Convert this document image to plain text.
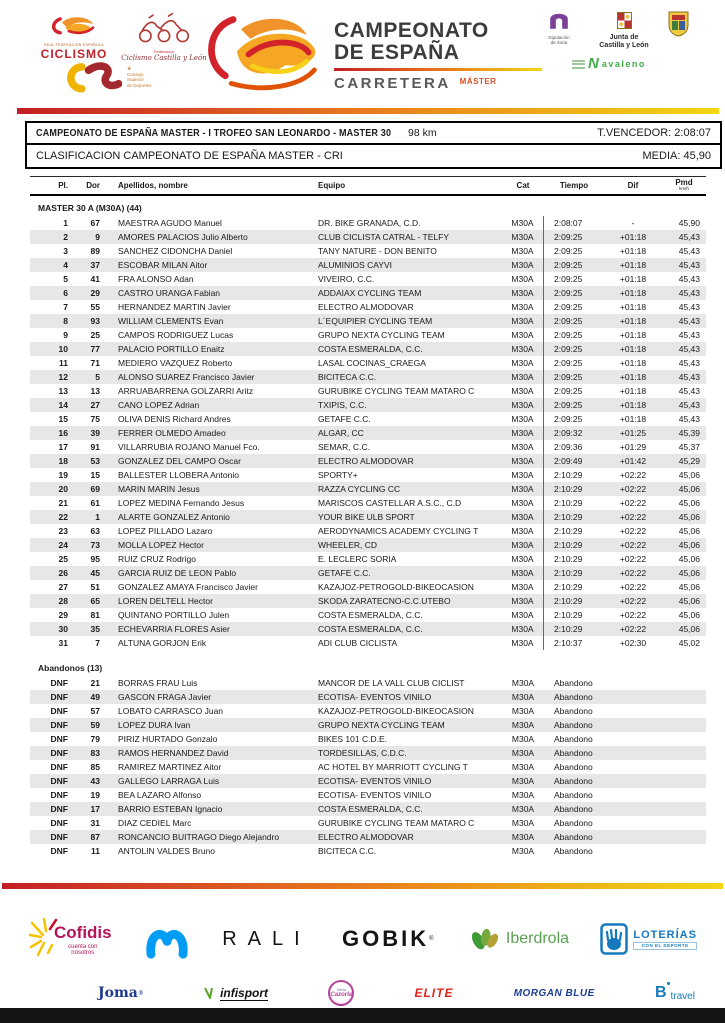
REAL FEDERACIÓN ESPAÑOLA
CICLISMO	Federación
Ciclismo Castilla y León
♛
Consejo
Superior
de Deportes
CAMPEONATO
DE ESPAÑA
CARRETERA MÁSTER
Diputación
de Soria
Junta de
Castilla y León
N avaleno
CAMPEONATO DE ESPAÑA MASTER - I TROFEO SAN LEONARDO - MASTER 30 98 km	T.VENCEDOR: 2:08:07
CLASIFICACION CAMPEONATO DE ESPAÑA MASTER - CRI	MEDIA: 45,90
Pl.	Dor	Apellidos, nombre	Equipo	Cat	Tiempo	Dif	Pmd
km/h
MASTER 30 A (M30A) (44)
1	67	MAESTRA AGUDO Manuel	DR. BIKE GRANADA, C.D.	M30A	2:08:07	-	45,90
2	9	AMORES PALACIOS Julio Alberto	CLUB CICLISTA CATRAL - TELFY	M30A	2:09:25	+01:18	45,43
3	89	SANCHEZ CIDONCHA Daniel	TANY NATURE - DON BENITO	M30A	2:09:25	+01:18	45,43
4	37	ESCOBAR MILAN Aitor	ALUMINIOS CAYVI	M30A	2:09:25	+01:18	45,43
5	41	FRA ALONSO Adan	VIVEIRO, C.C.	M30A	2:09:25	+01:18	45,43
6	29	CASTRO URANGA Fabian	ADDAIAX CYCLING TEAM	M30A	2:09:25	+01:18	45,43
7	55	HERNANDEZ MARTIN Javier	ELECTRO ALMODOVAR	M30A	2:09:25	+01:18	45,43
8	93	WILLIAM CLEMENTS Evan	L´EQUIPIER CYCLING TEAM	M30A	2:09:25	+01:18	45,43
9	25	CAMPOS RODRIGUEZ Lucas	GRUPO NEXTA CYCLING TEAM	M30A	2:09:25	+01:18	45,43
10	77	PALACIO PORTILLO Enaitz	COSTA ESMERALDA, C.C.	M30A	2:09:25	+01:18	45,43
11	71	MEDIERO VAZQUEZ Roberto	LASAL COCINAS_CRAEGA	M30A	2:09:25	+01:18	45,43
12	5	ALONSO SUAREZ Francisco Javier	BICITECA C.C.	M30A	2:09:25	+01:18	45,43
13	13	ARRUABARRENA GOLZARRI Aritz	GURUBIKE CYCLING TEAM MATARO C	M30A	2:09:25	+01:18	45,43
14	27	CANO LOPEZ Adrian	TXIPIS, C.C.	M30A	2:09:25	+01:18	45,43
15	75	OLIVA DENIS Richard Andres	GETAFE C.C.	M30A	2:09:25	+01:18	45,43
16	39	FERRER OLMEDO Amadeo	ALGAR, CC	M30A	2:09:32	+01:25	45,39
17	91	VILLARRUBIA ROJANO Manuel Fco.	SEMAR, C.C.	M30A	2:09:36	+01:29	45,37
18	53	GONZALEZ DEL CAMPO Oscar	ELECTRO ALMODOVAR	M30A	2:09:49	+01:42	45,29
19	15	BALLESTER LLOBERA Antonio	SPORTY+	M30A	2:10:29	+02:22	45,06
20	69	MARIN MARIN Jesus	RAZZA CYCLING CC	M30A	2:10:29	+02:22	45,06
21	61	LOPEZ MEDINA Fernando Jesus	MARISCOS CASTELLAR A.S.C., C.D	M30A	2:10:29	+02:22	45,06
22	1	ALARTE GONZALEZ Antonio	YOUR BIKE ULB SPORT	M30A	2:10:29	+02:22	45,06
23	63	LOPEZ PILLADO Lazaro	AERODYNAMICS ACADEMY CYCLING T	M30A	2:10:29	+02:22	45,06
24	73	MOLLA LOPEZ Hector	WHEELER, CD	M30A	2:10:29	+02:22	45,06
25	95	RUIZ CRUZ Rodrigo	E. LECLERC SORIA	M30A	2:10:29	+02:22	45,06
26	45	GARCIA RUIZ DE LEON Pablo	GETAFE C.C.	M30A	2:10:29	+02:22	45,06
27	51	GONZALEZ AMAYA Francisco Javier	KAZAJOZ-PETROGOLD-BIKEOCASION	M30A	2:10:29	+02:22	45,06
28	65	LOREN DELTELL Hector	SKODA ZARATECNO-C.C.UTEBO	M30A	2:10:29	+02:22	45,06
29	81	QUINTANO PORTILLO Julen	COSTA ESMERALDA, C.C.	M30A	2:10:29	+02:22	45,06
30	35	ECHEVARRIA FLORES Asier	COSTA ESMERALDA, C.C.	M30A	2:10:29	+02:22	45,06
31	7	ALTUNA GORJON Erik	ADI CLUB CICLISTA	M30A	2:10:37	+02:30	45,02
Abandonos (13)
DNF	21	BORRAS FRAU Luis	MANCOR DE LA VALL CLUB CICLIST	M30A	Abandono
DNF	49	GASCON FRAGA Javier	ECOTISA- EVENTOS VINILO	M30A	Abandono
DNF	57	LOBATO CARRASCO Juan	KAZAJOZ-PETROGOLD-BIKEOCASION	M30A	Abandono
DNF	59	LOPEZ DURA Ivan	GRUPO NEXTA CYCLING TEAM	M30A	Abandono
DNF	79	PIRIZ HURTADO Gonzalo	BIKES 101 C.D.E.	M30A	Abandono
DNF	83	RAMOS HERNANDEZ David	TORDESILLAS, C.D.C.	M30A	Abandono
DNF	85	RAMIREZ MARTINEZ Aitor	AC HOTEL BY MARRIOTT CYCLING T	M30A	Abandono
DNF	43	GALLEGO LARRAGA Luis	ECOTISA- EVENTOS VINILO	M30A	Abandono
DNF	19	BEA LAZARO Alfonso	ECOTISA- EVENTOS VINILO	M30A	Abandono
DNF	17	BARRIO ESTEBAN Ignacio	COSTA ESMERALDA, C.C.	M30A	Abandono
DNF	31	DIAZ CEDIEL Marc	GURUBIKE CYCLING TEAM MATARO C	M30A	Abandono
DNF	87	RONCANCIO BUITRAGO Diego Alejandro	ELECTRO ALMODOVAR	M30A	Abandono
DNF	11	ANTOLIN VALDES Bruno	BICITECA C.C.	M30A	Abandono
Cofidis
cuenta con
nosotros
RALI GOBIK ®	Iberdrola	LOTERÍAS
CON EL DEPORTE
Joma ®	infisport	Sierra
Cazorla	ELITE	MORGAN BLUE	B travel
